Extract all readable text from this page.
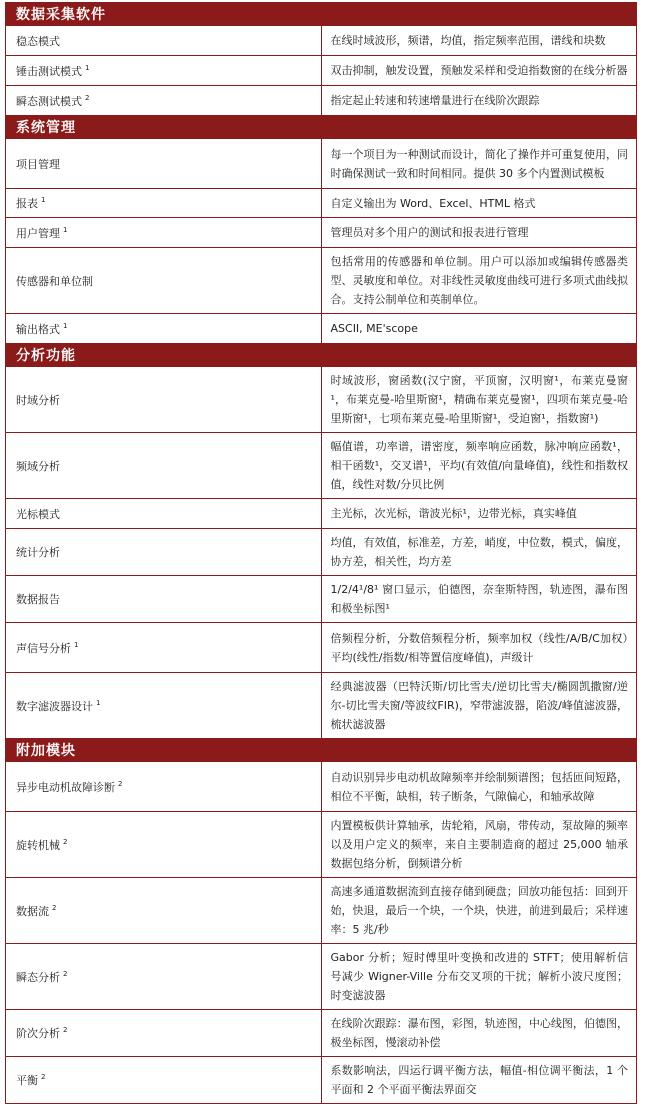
数据采集软件	
稳态模式	在线时域波形，频谱，均值，指定频率范围，谱线和块数
锤击测试模式 $^1$	双击抑制，触发设置，预触发采样和受迫指数窗的在线分析器
瞬态测试模式 $^2$	指定起止转速和转速增量进行在线阶次跟踪
系统管理	
项目管理	每一个项目为一种测试而设计，简化了操作并可重复使用，同时确保测试一致和时间相同。提供 30 多个内置测试模板
报表 $^1$	自定义输出为 Word、Excel、HTML 格式
用户管理 $^1$	管理员对多个用户的测试和报表进行管理
传感器和单位制	包括常用的传感器和单位制。用户可以添加或编辑传感器类型、灵敏度和单位。对非线性灵敏度曲线可进行多项式曲线拟合。支持公制单位和英制单位。
输出格式 $^1$	ASCII, ME'scope
分析功能	
时域分析	时域波形，窗函数(汉宁窗，平顶窗，汉明窗¹，布莱克曼窗¹，布莱克曼-哈里斯窗¹，精确布莱克曼窗¹，四项布莱克曼-哈里斯窗¹，七项布莱克曼-哈里斯窗¹，受迫窗¹，指数窗¹)
频域分析	幅值谱，功率谱，谱密度，频率响应函数，脉冲响应函数¹，相干函数¹，交叉谱¹，平均(有效值/向量峰值)，线性和指数权值，线性对数/分贝比例
光标模式	主光标，次光标，谐波光标¹，边带光标，真实峰值
统计分析	均值，有效值，标准差，方差，峭度，中位数，模式，偏度，协方差，相关性，均方差
数据报告	1/2/4¹/8¹ 窗口显示，伯德图，奈奎斯特图，轨迹图，瀑布图和极坐标图¹
声信号分析 $^1$	倍频程分析，分数倍频程分析，频率加权（线性/A/B/C加权）平均(线性/指数/相等置信度峰值)，声级计
数字滤波器设计 $^1$	经典滤波器（巴特沃斯/切比雪夫/逆切比雪夫/椭圆凯撒窗/逆尔-切比雪夫窗/等波纹FIR)，窄带滤波器，陷波/峰值滤波器，梳状滤波器
附加模块	
异步电动机故障诊断 $^2$	自动识别异步电动机故障频率并绘制频谱图；包括匝间短路，相位不平衡，缺相，转子断条，气隙偏心，和轴承故障
旋转机械 $^2$	内置模板供计算轴承，齿轮箱，风扇，带传动，泵故障的频率以及用户定义的频率，来自主要制造商的超过 25,000 轴承数据包络分析，倒频谱分析
数据流 $^2$	高速多通道数据流到直接存储到硬盘；回放功能包括：回到开始，快退，最后一个块，一个块，快进，前进到最后；采样速率：5 兆/秒
瞬态分析 $^2$	Gabor 分析；短时傅里叶变换和改进的 STFT；使用解析信号减少 Wigner-Ville 分布交叉项的干扰；解析小波尺度图；时变滤波器
阶次分析 $^2$	在线阶次跟踪：瀑布图，彩图，轨迹图，中心线图，伯德图，极坐标图，慢滚动补偿
平衡 $^2$	系数影响法，四运行调平衡方法，幅值-相位调平衡法，1 个平面和 2 个平面平衡法界面交
